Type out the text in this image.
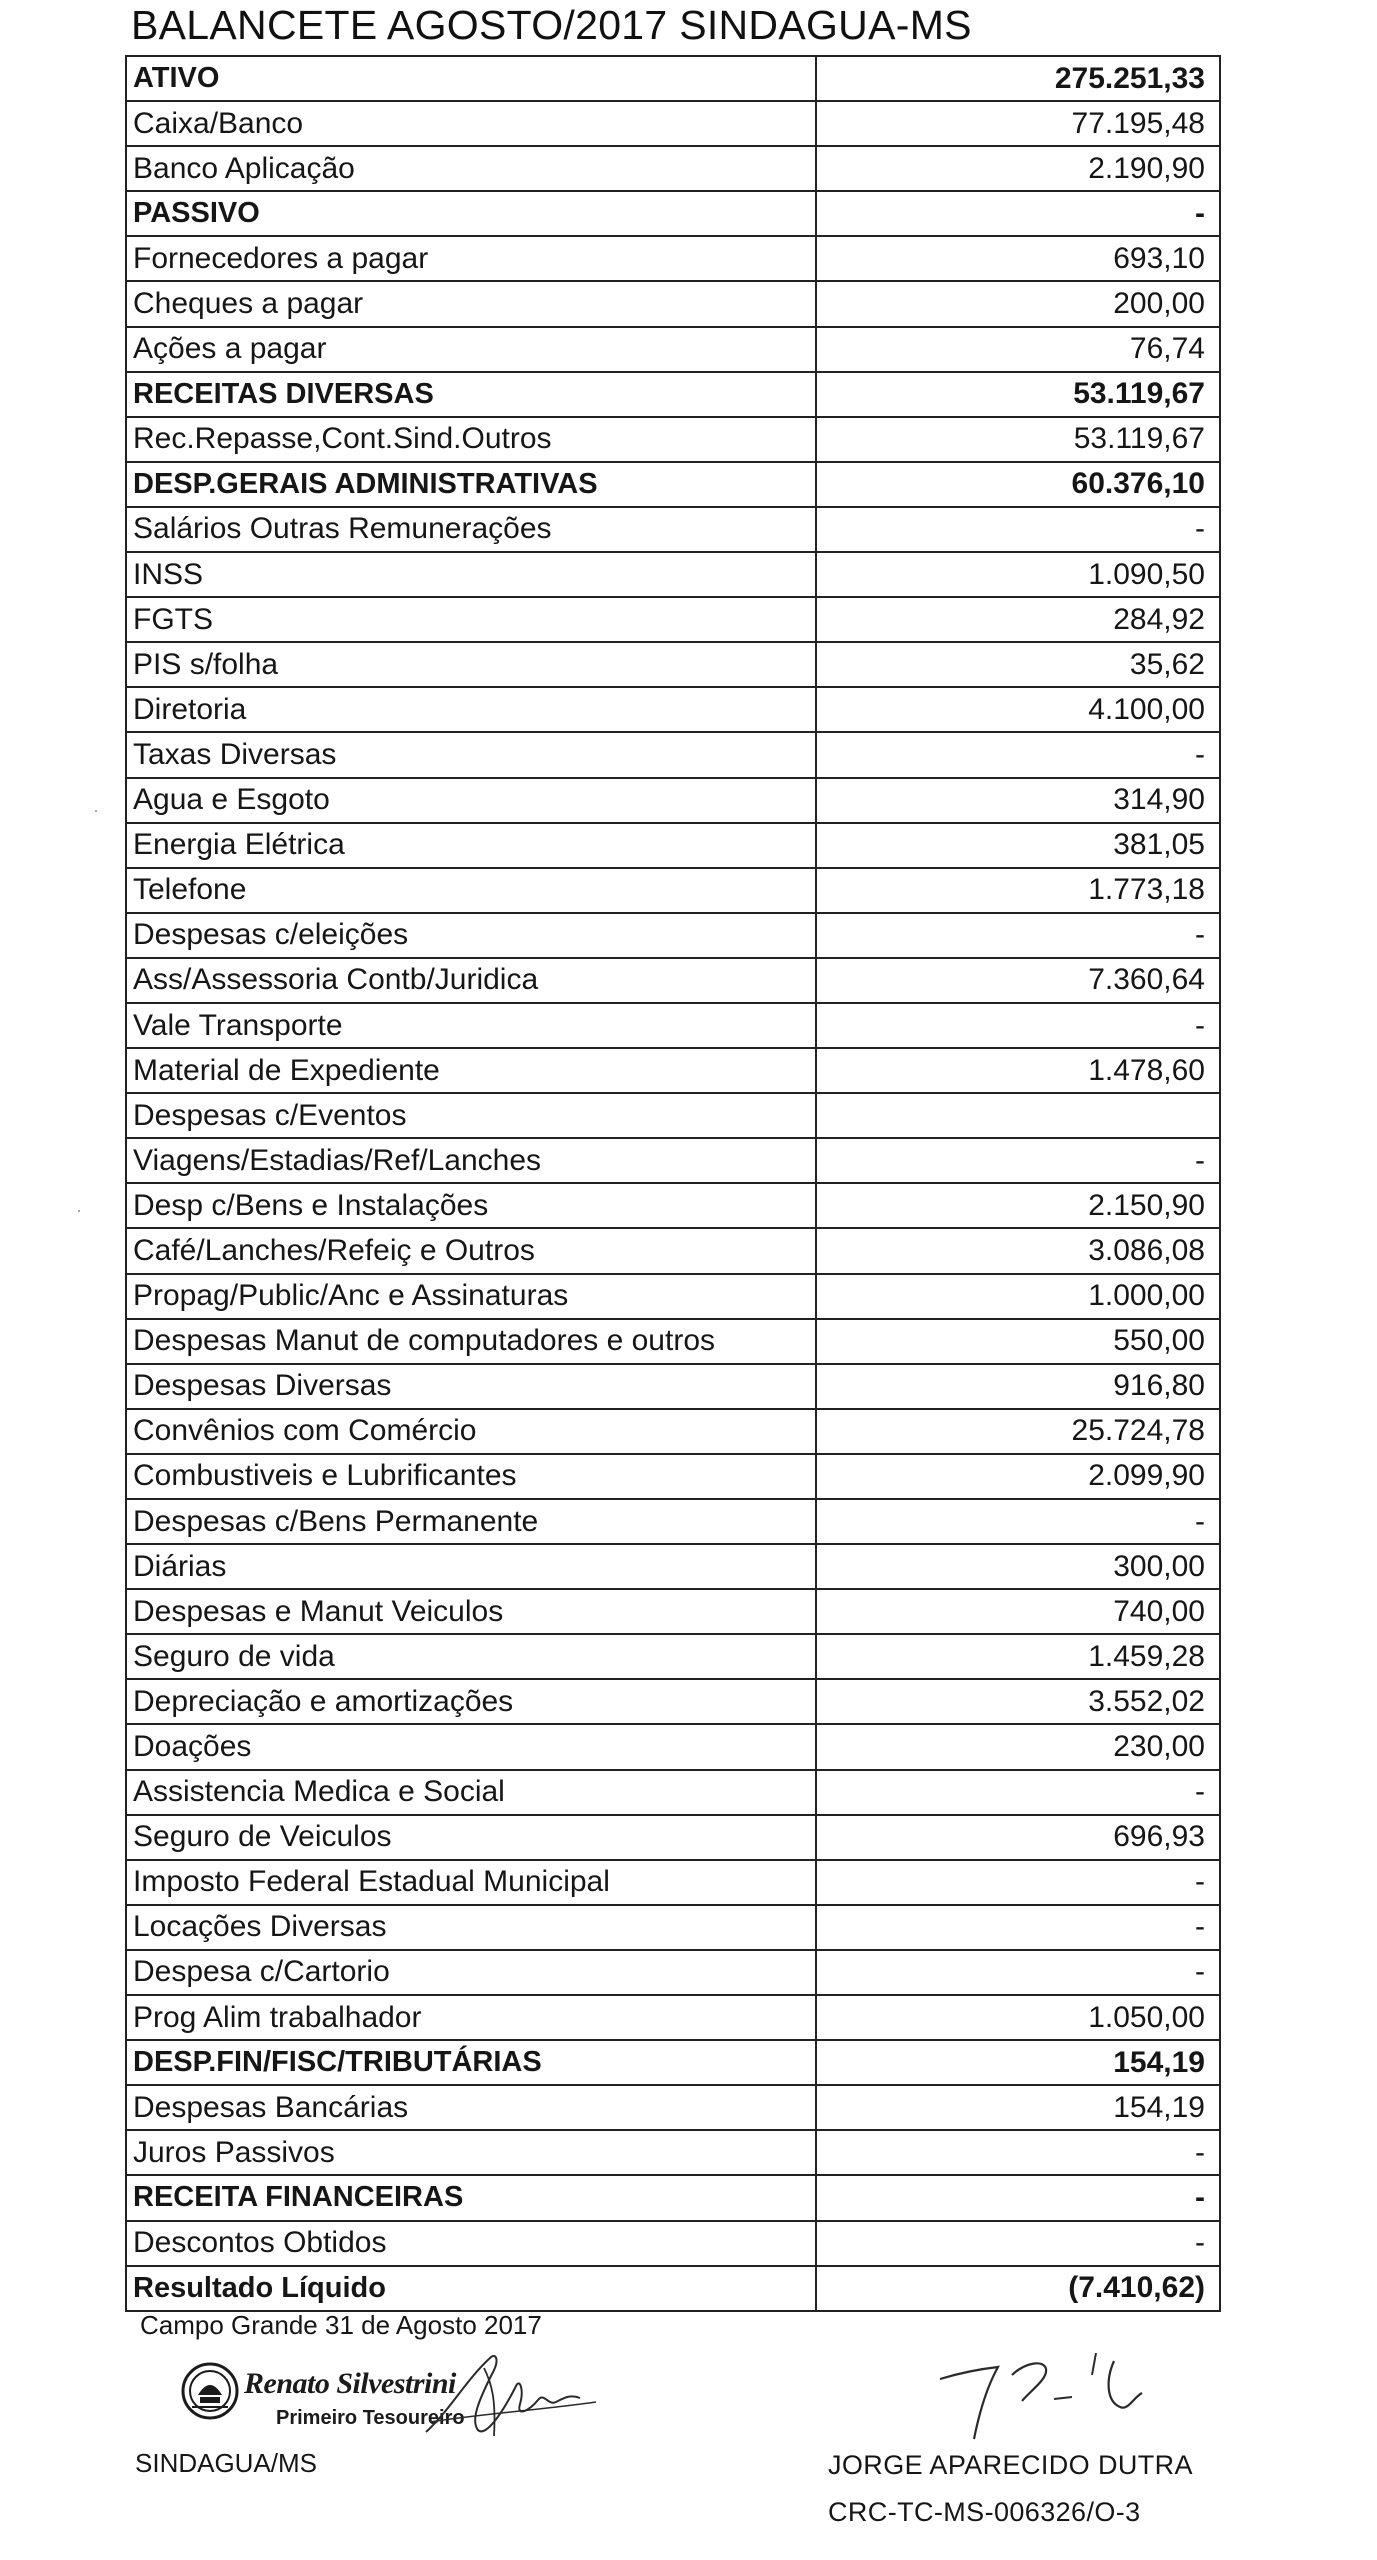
BALANCETE AGOSTO/2017 SINDAGUA-MS
ATIVO	275.251,33
Caixa/Banco	77.195,48
Banco Aplicação	2.190,90
PASSIVO	-
Fornecedores a pagar	693,10
Cheques a pagar	200,00
Ações a pagar	76,74
RECEITAS DIVERSAS	53.119,67
Rec.Repasse,Cont.Sind.Outros	53.119,67
DESP.GERAIS ADMINISTRATIVAS	60.376,10
Salários Outras Remunerações	-
INSS	1.090,50
FGTS	284,92
PIS s/folha	35,62
Diretoria	4.100,00
Taxas Diversas	-
Agua e Esgoto	314,90
Energia Elétrica	381,05
Telefone	1.773,18
Despesas c/eleições	-
Ass/Assessoria Contb/Juridica	7.360,64
Vale Transporte	-
Material de Expediente	1.478,60
Despesas c/Eventos
Viagens/Estadias/Ref/Lanches	-
Desp c/Bens e Instalações	2.150,90
Café/Lanches/Refeiç e Outros	3.086,08
Propag/Public/Anc e Assinaturas	1.000,00
Despesas Manut de computadores e outros	550,00
Despesas Diversas	916,80
Convênios com Comércio	25.724,78
Combustiveis e Lubrificantes	2.099,90
Despesas c/Bens Permanente	-
Diárias	300,00
Despesas e Manut Veiculos	740,00
Seguro de vida	1.459,28
Depreciação e amortizações	3.552,02
Doações	230,00
Assistencia Medica e Social	-
Seguro de Veiculos	696,93
Imposto Federal Estadual Municipal	-
Locações Diversas	-
Despesa c/Cartorio	-
Prog Alim trabalhador	1.050,00
DESP.FIN/FISC/TRIBUTÁRIAS	154,19
Despesas Bancárias	154,19
Juros Passivos	-
RECEITA FINANCEIRAS	-
Descontos Obtidos	-
Resultado Líquido	(7.410,62)
Campo Grande 31 de Agosto 2017
Renato Silvestrini
Primeiro Tesoureiro
SINDAGUA/MS	JORGE APARECIDO DUTRA
CRC-TC-MS-006326/O-3
